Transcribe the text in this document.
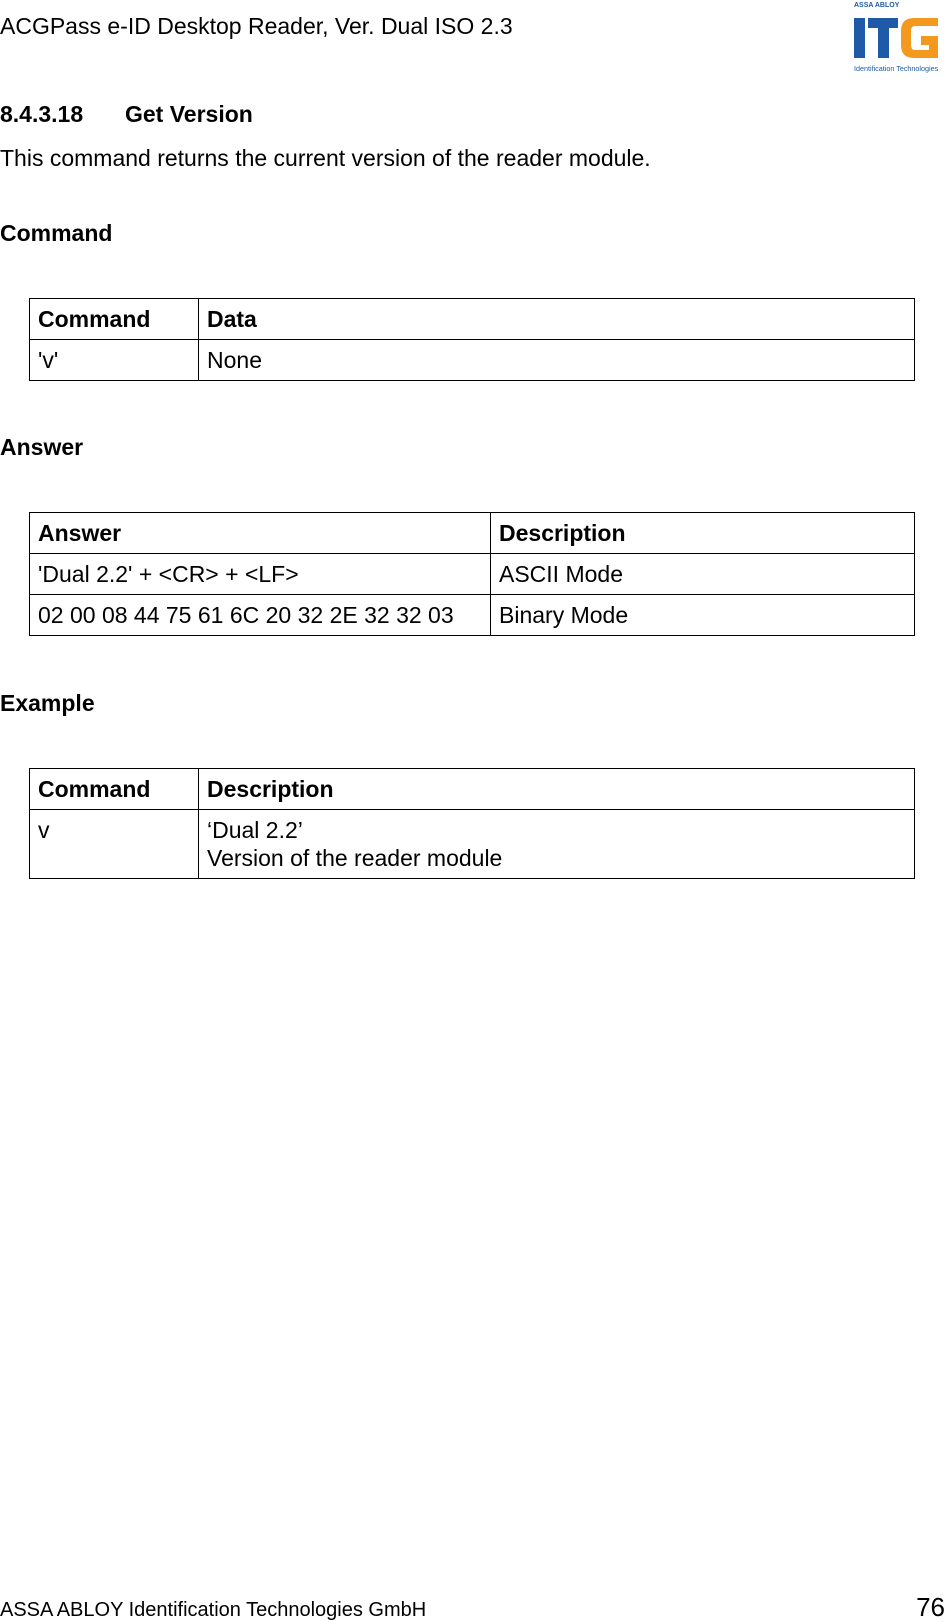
ACGPass e-ID Desktop Reader, Ver. Dual ISO 2.3
ASSA ABLOY
Identification Technologies
8.4.3.18 Get Version
This command returns the current version of the reader module.
Command
Command	Data
'v'	None
Answer
Answer	Description
'Dual 2.2' + <CR> + <LF>	ASCII Mode
02 00 08 44 75 61 6C 20 32 2E 32 32 03	Binary Mode
Example
Command	Description
v	‘Dual 2.2’
Version of the reader module
ASSA ABLOY Identification Technologies GmbH	76
